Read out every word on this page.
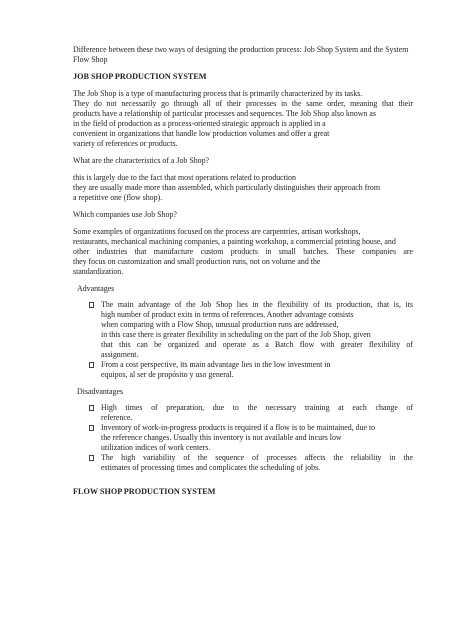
Difference between these two ways of designing the production process: Job Shop System and the System
Flow Shop
JOB SHOP PRODUCTION SYSTEM
The Job Shop is a type of manufacturing process that is primarily characterized by its tasks.
They do not necessarily go through all of their processes in the same order, meaning that their
products have a relationship of particular processes and sequences. The Job Shop also known as
in the field of production as a process-oriented strategic approach is applied in a
convenient in organizations that handle low production volumes and offer a great
variety of references or products.
What are the characteristics of a Job Shop?
this is largely due to the fact that most operations related to production
they are usually made more than assembled, which particularly distinguishes their approach from
a repetitive one (flow shop).
Which companies use Job Shop?
Some examples of organizations focused on the process are carpentries, artisan workshops,
restaurants, mechanical machining companies, a painting workshop, a commercial printing house, and
other industries that manufacture custom products in small batches. These companies are
they focus on customization and small production runs, not on volume and the
standardization.
Advantages
The main advantage of the Job Shop lies in the flexibility of its production, that is, its
high number of product exits in terms of references. Another advantage consists
when comparing with a Flow Shop, unusual production runs are addressed,
in this case there is greater flexibility in scheduling on the part of the Job Shop, given
that this can be organized and operate as a Batch flow with greater flexibility of
assignment.
From a cost perspective, its main advantage lies in the low investment in
equipos, al ser de propósito y uso general.
Disadvantages
High times of preparation, due to the necessary training at each change of
reference.
Inventory of work-in-progress products is required if a flow is to be maintained, due to
the reference changes. Usually this inventory is not available and incurs low
utilization indices of work centers.
The high variability of the sequence of processes affects the reliability in the
estimates of processing times and complicates the scheduling of jobs.
FLOW SHOP PRODUCTION SYSTEM
